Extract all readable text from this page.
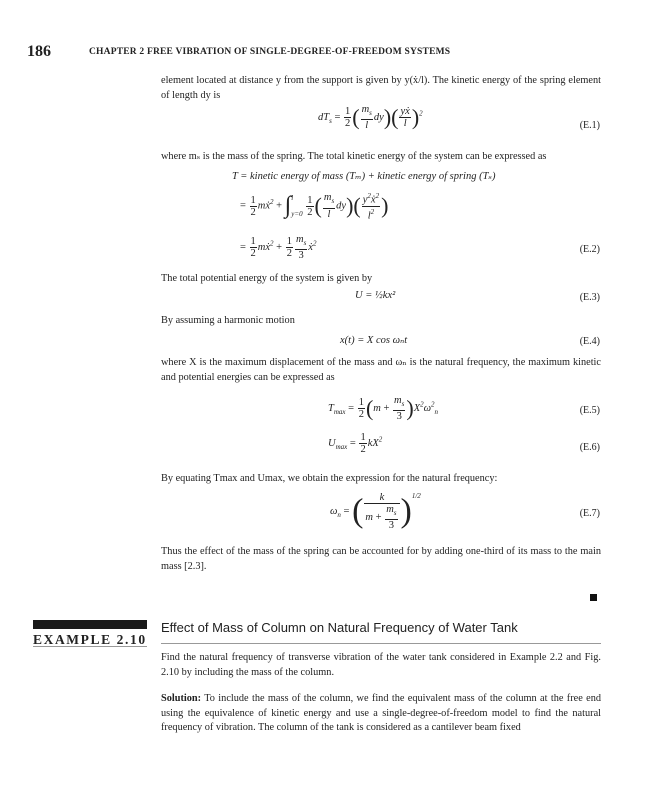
186	CHAPTER 2 FREE VIBRATION OF SINGLE-DEGREE-OF-FREEDOM SYSTEMS
element located at distance y from the support is given by y(ẋ/l). The kinetic energy of the spring element of length dy is
$dT_s = \frac{1}{2}$ ( $\frac{m_s}{l} dy)( \frac{\text{yẋ}}{l} )^2$
(E.1)
where mₛ is the mass of the spring. The total kinetic energy of the system can be expressed as
T = kinetic energy of mass (Tₘ) + kinetic energy of spring (Tₛ)
= $\frac{1}{2}$ mẋ$^2$ + ∫ l
y=0
$\frac{1}{2}$ ( $\frac{m_s}{l} dy)( \frac{y^2ẋ^2}{l^2}$ )
= $\frac{1}{2}$ mẋ$^2$ + $\frac{1}{2} \frac{m_s}{3}$ ẋ$^2$
(E.2)
The total potential energy of the system is given by
U = ½kx²	(E.3)
By assuming a harmonic motion
x(t) = X cos ωₙt	(E.4)
where X is the maximum displacement of the mass and ωₙ is the natural frequency, the maximum kinetic and potential energies can be expressed as
$T_{max} = \frac{1}{2} (m + \frac{m_s}{3} )X^2\omega^2_n$	(E.5)
$U_{max} = \frac{1}{2} kX^2$
(E.6)
By equating Tmax and Umax, we obtain the expression for the natural frequency:
$\omega_n$ = ( $\frac{k}{m + \frac{m_s}{3}} )^{1/2}$
(E.7)
Thus the effect of the mass of the spring can be accounted for by adding one-third of its mass to the main mass [2.3].
EXAMPLE 2.10
Effect of Mass of Column on Natural Frequency of Water Tank
Find the natural frequency of transverse vibration of the water tank considered in Example 2.2 and Fig. 2.10 by including the mass of the column.
Solution: To include the mass of the column, we find the equivalent mass of the column at the free end using the equivalence of kinetic energy and use a single-degree-of-freedom model to find the natural frequency of vibration. The column of the tank is considered as a cantilever beam fixed
